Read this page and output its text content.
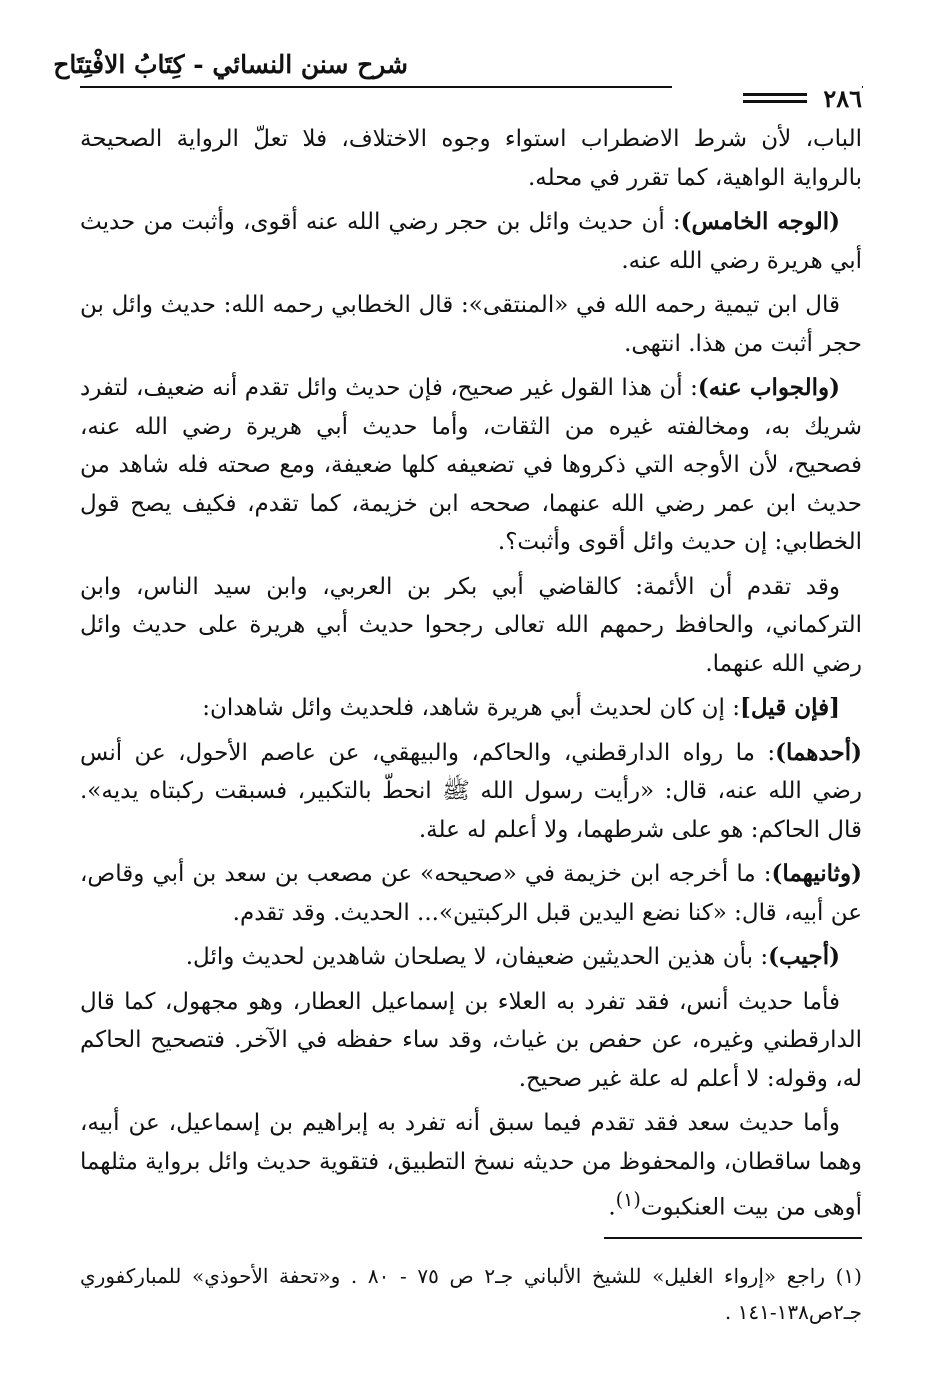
شرح سنن النسائي - كِتَابُ الافْتِتَاح
٢٨٦

الباب، لأن شرط الاضطراب استواء وجوه الاختلاف، فلا تعلّ الرواية الصحيحة بالرواية الواهية، كما تقرر في محله.

(الوجه الخامس): أن حديث وائل بن حجر رضي الله عنه أقوى، وأثبت من حديث أبي هريرة رضي الله عنه.

قال ابن تيمية رحمه الله في «المنتقى»: قال الخطابي رحمه الله: حديث وائل بن حجر أثبت من هذا. انتهى.

(والجواب عنه): أن هذا القول غير صحيح، فإن حديث وائل تقدم أنه ضعيف، لتفرد شريك به، ومخالفته غيره من الثقات، وأما حديث أبي هريرة رضي الله عنه، فصحيح، لأن الأوجه التي ذكروها في تضعيفه كلها ضعيفة، ومع صحته فله شاهد من حديث ابن عمر رضي الله عنهما، صححه ابن خزيمة، كما تقدم، فكيف يصح قول الخطابي: إن حديث وائل أقوى وأثبت؟.

وقد تقدم أن الأئمة: كالقاضي أبي بكر بن العربي، وابن سيد الناس، وابن التركماني، والحافظ رحمهم الله تعالى رجحوا حديث أبي هريرة على حديث وائل رضي الله عنهما.

[فإن قيل]: إن كان لحديث أبي هريرة شاهد، فلحديث وائل شاهدان:

(أحدهما): ما رواه الدارقطني، والحاكم، والبيهقي، عن عاصم الأحول، عن أنس رضي الله عنه، قال: «رأيت رسول الله ﷺ انحطّ بالتكبير، فسبقت ركبتاه يديه». قال الحاكم: هو على شرطهما، ولا أعلم له علة.

(وثانيهما): ما أخرجه ابن خزيمة في «صحيحه» عن مصعب بن سعد بن أبي وقاص، عن أبيه، قال: «كنا نضع اليدين قبل الركبتين»... الحديث. وقد تقدم.

(أجيب): بأن هذين الحديثين ضعيفان، لا يصلحان شاهدين لحديث وائل.

فأما حديث أنس، فقد تفرد به العلاء بن إسماعيل العطار، وهو مجهول، كما قال الدارقطني وغيره، عن حفص بن غياث، وقد ساء حفظه في الآخر. فتصحيح الحاكم له، وقوله: لا أعلم له علة غير صحيح.

وأما حديث سعد فقد تقدم فيما سبق أنه تفرد به إبراهيم بن إسماعيل، عن أبيه، وهما ساقطان، والمحفوظ من حديثه نسخ التطبيق، فتقوية حديث وائل برواية مثلهما أوهى من بيت العنكبوت$^{(١)}$.

(١) راجع «إرواء الغليل» للشيخ الألباني جـ٢ ص ٧٥ - ٨٠ . و«تحفة الأحوذي» للمباركفوري جـ٢ص١٣٨-١٤١ .
